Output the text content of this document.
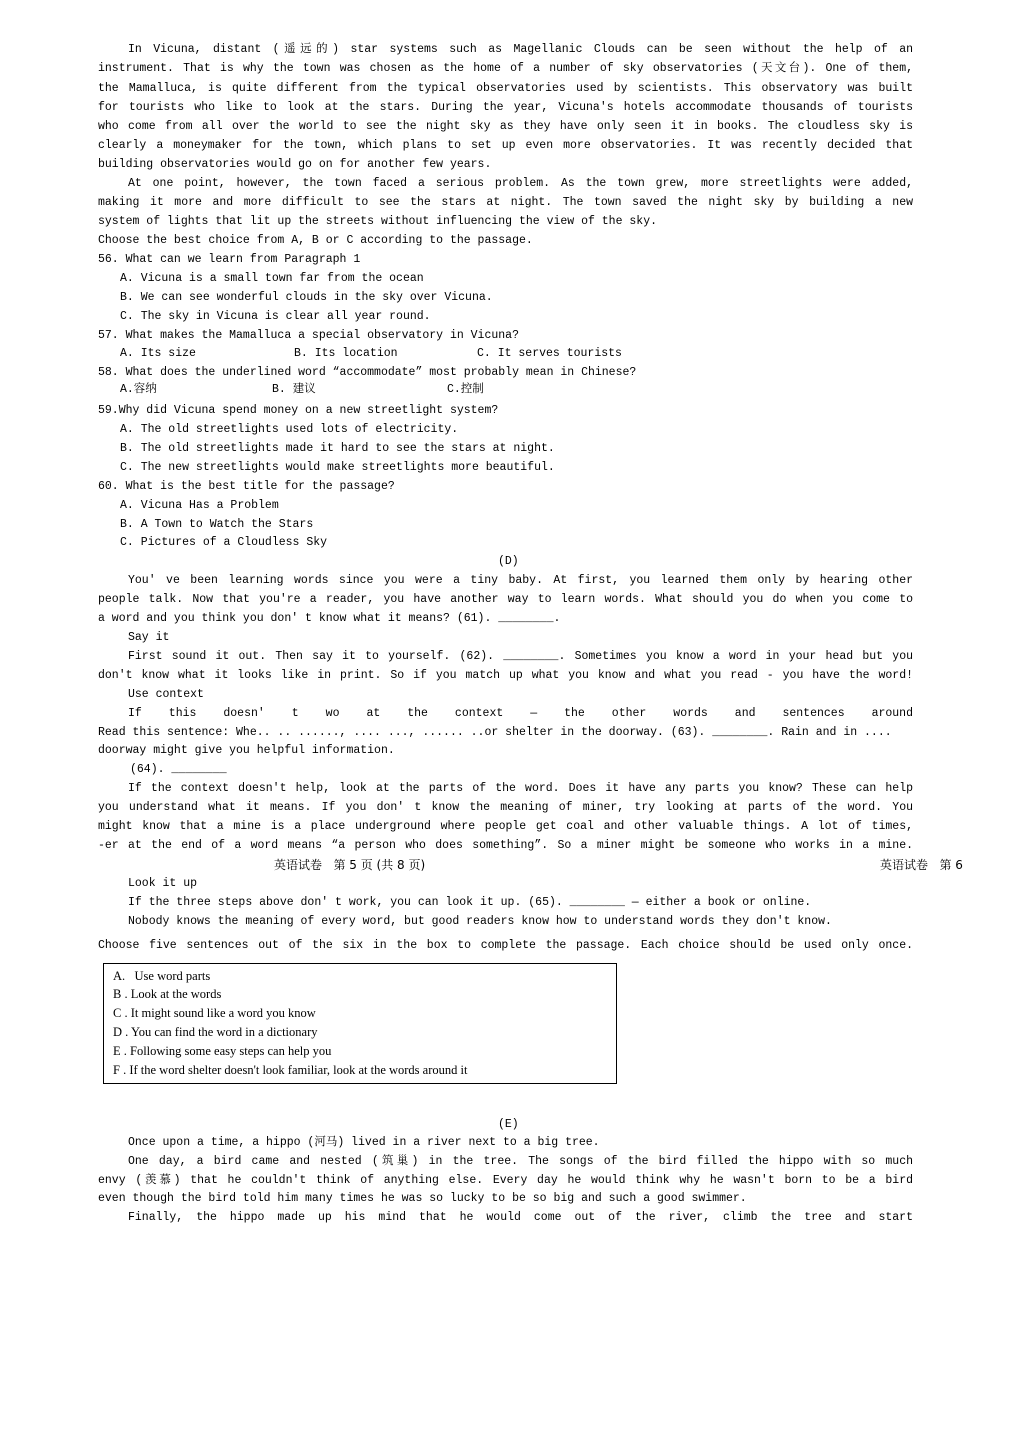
In Vicuna, distant (遥远的) star systems such as Magellanic Clouds can be seen without the help of an
instrument. That is why the town was chosen as the home of a number of sky observatories (天文台). One of them,
the Mamalluca, is quite different from the typical observatories used by scientists. This observatory was built
for tourists who like to look at the stars. During the year, Vicuna's hotels accommodate thousands of tourists
who come from all over the world to see the night sky as they have only seen it in books. The cloudless sky is
clearly a moneymaker for the town, which plans to set up even more observatories. It was recently decided that
building observatories would go on for another few years.
At one point, however, the town faced a serious problem. As the town grew, more streetlights were added,
making it more and more difficult to see the stars at night. The town saved the night sky by building a new
system of lights that lit up the streets without influencing the view of the sky.
Choose the best choice from A, B or C according to the passage.
56. What can we learn from Paragraph 1
A. Vicuna is a small town far from the ocean
B. We can see wonderful clouds in the sky over Vicuna.
C. The sky in Vicuna is clear all year round.
57. What makes the Mamalluca a special observatory in Vicuna?
A. Its size	B. Its location	C. It serves tourists
58. What does the underlined word “accommodate” most probably mean in Chinese?
A.容纳	B. 建议	C.控制
59.Why did Vicuna spend money on a new streetlight system?
A. The old streetlights used lots of electricity.
B. The old streetlights made it hard to see the stars at night.
C. The new streetlights would make streetlights more beautiful.
60. What is the best title for the passage?
A. Vicuna Has a Problem
B. A Town to Watch the Stars
C. Pictures of a Cloudless Sky
(D)
You' ve been learning words since you were a tiny baby. At first, you learned them only by hearing other
people talk. Now that you're a reader, you have another way to learn words. What should you do when you come to
a word and you think you don' t know what it means? (61). ________.
Say it
First sound it out. Then say it to yourself. (62). ________. Sometimes you know a word in your head but you
don't know what it looks like in print. So if you match up what you know and what you read - you have the word!
Use context
If this doesn' t wo at the context — the other words and sentences around
Read this sentence: Whe.. .. ......, .... ..., ...... ..or shelter in the doorway. (63). ________. Rain and in ....
doorway might give you helpful information.
(64). ________
If the context doesn't help, look at the parts of the word. Does it have any parts you know? These can help
you understand what it means. If you don' t know the meaning of miner, try looking at parts of the word. You
might know that a mine is a place underground where people get coal and other valuable things. A lot of times,
-er at the end of a word means “a person who does something”. So a miner might be someone who works in a mine.
Look it up
If the three steps above don' t work, you can look it up. (65). ________ — either a book or online.
Nobody knows the meaning of every word, but good readers know how to understand words they don't know.
Choose five sentences out of the six in the box to complete the passage. Each choice should be used only once.
(E)
Once upon a time, a hippo (河马) lived in a river next to a big tree.
One day, a bird came and nested (筑巢) in the tree. The songs of the bird filled the hippo with so much
envy (羡慕) that he couldn't think of anything else. Every day he would think why he wasn't born to be a bird
even though the bird told him many times he was so lucky to be so big and such a good swimmer.
Finally, the hippo made up his mind that he would come out of the river, climb the tree and start
A.   Use word parts
B . Look at the words
C . It might sound like a word you know
D . You can find the word in a dictionary
E . Following some easy steps can help you
F . If the word shelter doesn't look familiar, look at the words around it
英语试卷   第 5 页 (共 8 页)	英语试卷   第 6
